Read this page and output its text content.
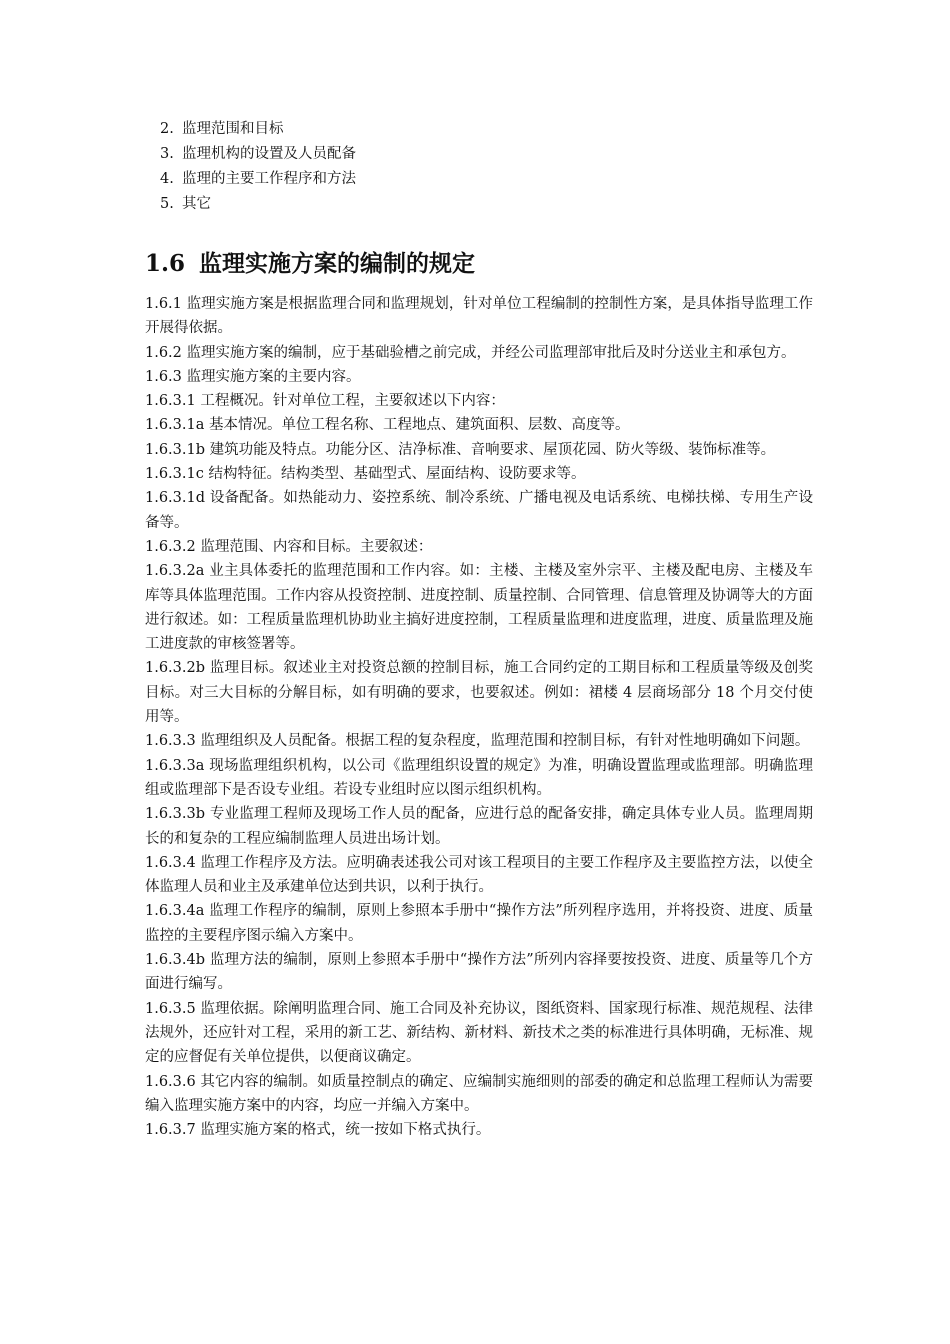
2. 监理范围和目标
3. 监理机构的设置及人员配备
4. 监理的主要工作程序和方法
5. 其它
1.6 监理实施方案的编制的规定

1.6.1 监理实施方案是根据监理合同和监理规划，针对单位工程编制的控制性方案，是具体指导监理工作开展得依据。

1.6.2 监理实施方案的编制，应于基础验槽之前完成，并经公司监理部审批后及时分送业主和承包方。

1.6.3 监理实施方案的主要内容。

1.6.3.1 工程概况。针对单位工程，主要叙述以下内容：

1.6.3.1a 基本情况。单位工程名称、工程地点、建筑面积、层数、高度等。

1.6.3.1b 建筑功能及特点。功能分区、洁净标准、音响要求、屋顶花园、防火等级、装饰标准等。

1.6.3.1c 结构特征。结构类型、基础型式、屋面结构、设防要求等。

1.6.3.1d 设备配备。如热能动力、姿控系统、制冷系统、广播电视及电话系统、电梯扶梯、专用生产设备等。

1.6.3.2 监理范围、内容和目标。主要叙述：

1.6.3.2a 业主具体委托的监理范围和工作内容。如：主楼、主楼及室外宗平、主楼及配电房、主楼及车库等具体监理范围。工作内容从投资控制、进度控制、质量控制、合同管理、信息管理及协调等大的方面进行叙述。如：工程质量监理机协助业主搞好进度控制，工程质量监理和进度监理，进度、质量监理及施工进度款的审核签署等。

1.6.3.2b 监理目标。叙述业主对投资总额的控制目标，施工合同约定的工期目标和工程质量等级及创奖目标。对三大目标的分解目标，如有明确的要求，也要叙述。例如：裙楼 4 层商场部分 18 个月交付使用等。

1.6.3.3 监理组织及人员配备。根据工程的复杂程度，监理范围和控制目标，有针对性地明确如下问题。

1.6.3.3a 现场监理组织机构，以公司《监理组织设置的规定》为准，明确设置监理或监理部。明确监理组或监理部下是否设专业组。若设专业组时应以图示组织机构。

1.6.3.3b 专业监理工程师及现场工作人员的配备，应进行总的配备安排，确定具体专业人员。监理周期长的和复杂的工程应编制监理人员进出场计划。

1.6.3.4 监理工作程序及方法。应明确表述我公司对该工程项目的主要工作程序及主要监控方法，以使全体监理人员和业主及承建单位达到共识，以利于执行。

1.6.3.4a 监理工作程序的编制，原则上参照本手册中“操作方法”所列程序选用，并将投资、进度、质量监控的主要程序图示编入方案中。

1.6.3.4b 监理方法的编制，原则上参照本手册中“操作方法”所列内容择要按投资、进度、质量等几个方面进行编写。

1.6.3.5 监理依据。除阐明监理合同、施工合同及补充协议，图纸资料、国家现行标准、规范规程、法律法规外，还应针对工程，采用的新工艺、新结构、新材料、新技术之类的标准进行具体明确，无标准、规定的应督促有关单位提供，以便商议确定。

1.6.3.6 其它内容的编制。如质量控制点的确定、应编制实施细则的部委的确定和总监理工程师认为需要编入监理实施方案中的内容，均应一并编入方案中。

1.6.3.7 监理实施方案的格式，统一按如下格式执行。
